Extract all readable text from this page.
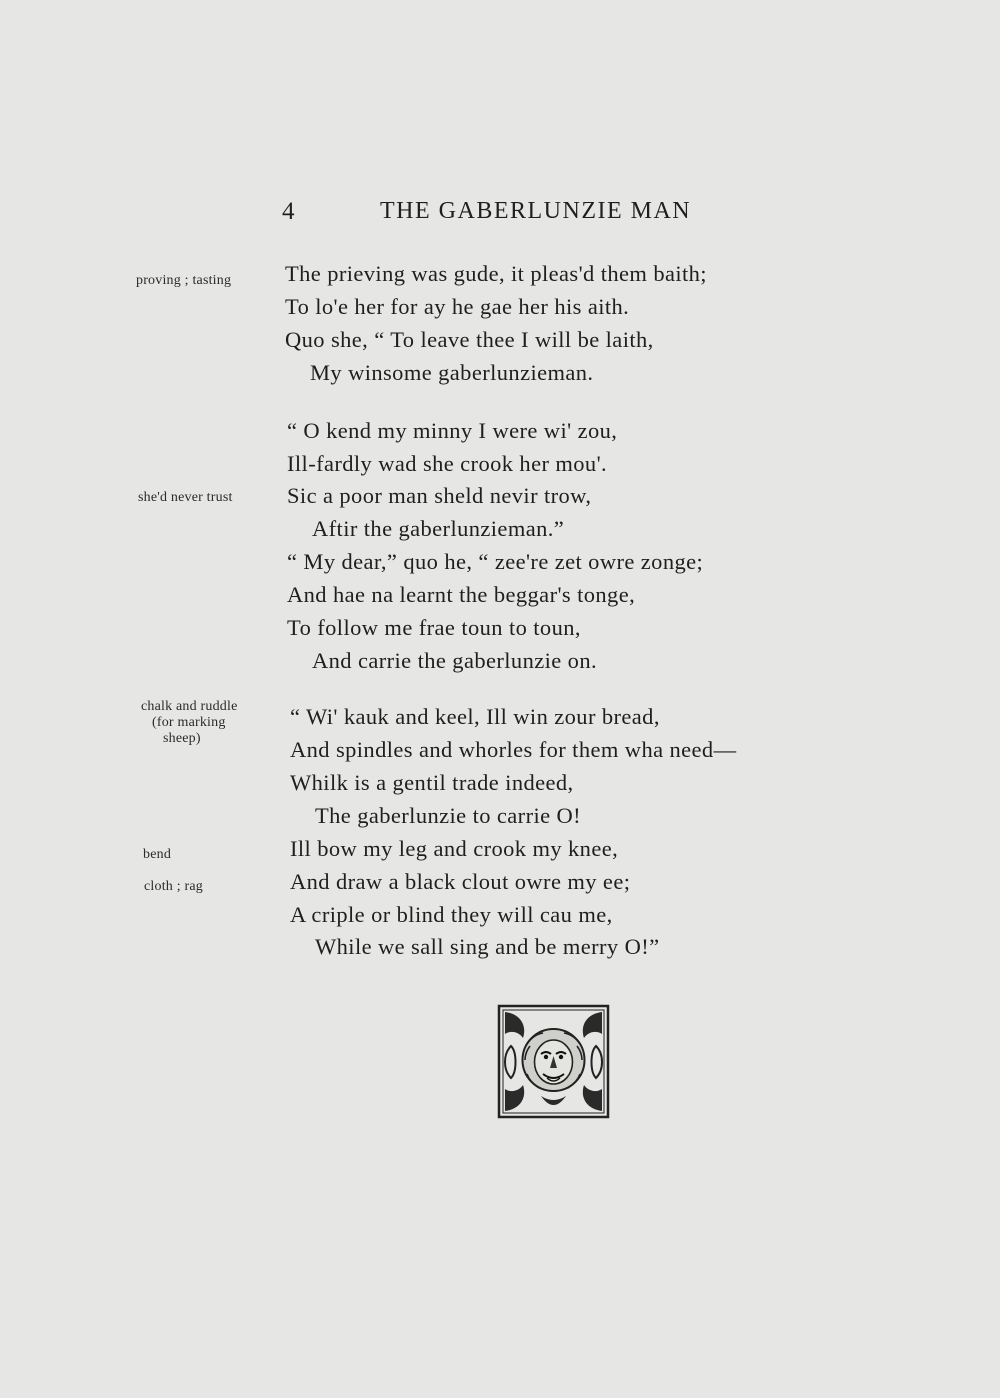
4	THE GABERLUNZIE MAN
proving ; tasting
she'd never trust
chalk and ruddle
(for marking
sheep)
bend
cloth ; rag
The prieving was gude, it pleas'd them baith;
To lo'e her for ay he gae her his aith.
Quo she, “ To leave thee I will be laith,
My winsome gaberlunzieman.
“ O kend my minny I were wi' zou,
Ill-fardly wad she crook her mou'.
Sic a poor man sheld nevir trow,
Aftir the gaberlunzieman.”
“ My dear,” quo he, “ zee're zet owre zonge;
And hae na learnt the beggar's tonge,
To follow me frae toun to toun,
And carrie the gaberlunzie on.
“ Wi' kauk and keel, Ill win zour bread,
And spindles and whorles for them wha need—
Whilk is a gentil trade indeed,
The gaberlunzie to carrie O!
Ill bow my leg and crook my knee,
And draw a black clout owre my ee;
A criple or blind they will cau me,
While we sall sing and be merry O!”
